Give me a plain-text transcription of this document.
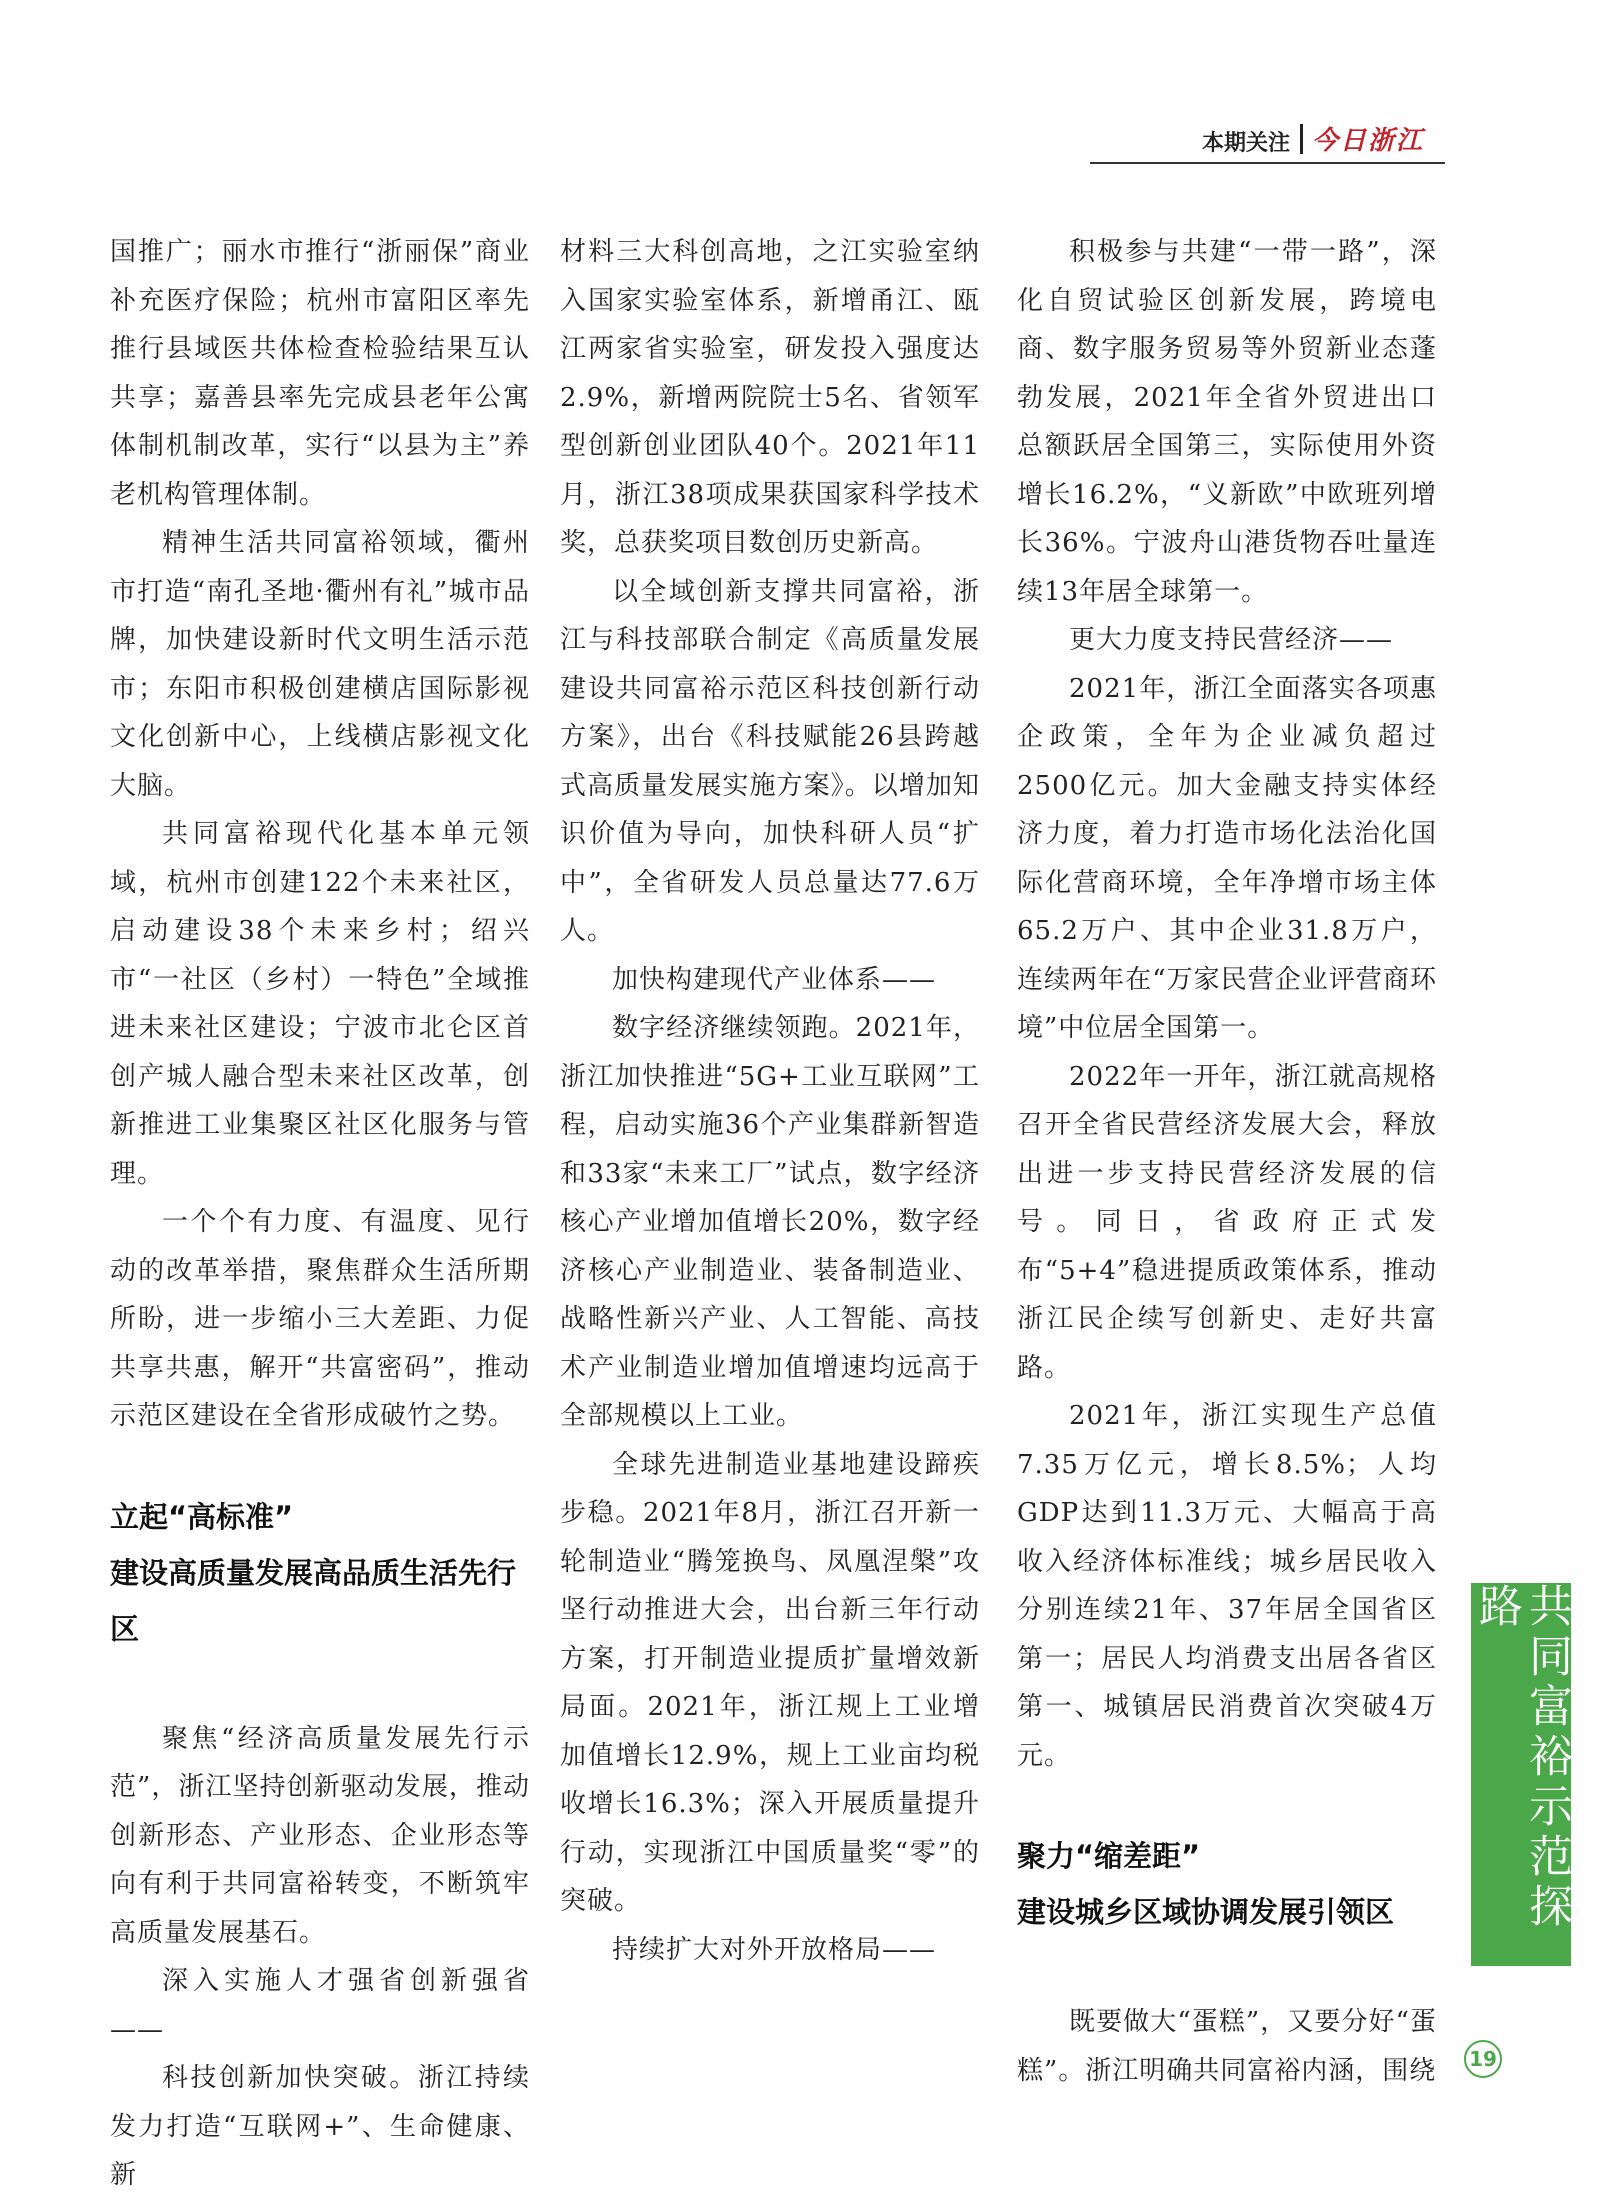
本期关注 今日浙江

国推广；丽水市推行“浙丽保”商业补充医疗保险；杭州市富阳区率先推行县域医共体检查检验结果互认共享；嘉善县率先完成县老年公寓体制机制改革，实行“以县为主”养老机构管理体制。

精神生活共同富裕领域，衢州市打造“南孔圣地·衢州有礼”城市品牌，加快建设新时代文明生活示范市；东阳市积极创建横店国际影视文化创新中心，上线横店影视文化大脑。

共同富裕现代化基本单元领域，杭州市创建122个未来社区，启动建设38个未来乡村；绍兴市“一社区（乡村）一特色”全域推进未来社区建设；宁波市北仑区首创产城人融合型未来社区改革，创新推进工业集聚区社区化服务与管理。

一个个有力度、有温度、见行动的改革举措，聚焦群众生活所期所盼，进一步缩小三大差距、力促共享共惠，解开“共富密码”，推动示范区建设在全省形成破竹之势。

立起“高标准”
建设高质量发展高品质生活先行区

聚焦“经济高质量发展先行示范”，浙江坚持创新驱动发展，推动创新形态、产业形态、企业形态等向有利于共同富裕转变，不断筑牢高质量发展基石。

深入实施人才强省创新强省——

科技创新加快突破。浙江持续发力打造“互联网+”、生命健康、新

材料三大科创高地，之江实验室纳入国家实验室体系，新增甬江、瓯江两家省实验室，研发投入强度达2.9%，新增两院院士5名、省领军型创新创业团队40个。2021年11月，浙江38项成果获国家科学技术奖，总获奖项目数创历史新高。

以全域创新支撑共同富裕，浙江与科技部联合制定《高质量发展建设共同富裕示范区科技创新行动方案》，出台《科技赋能26县跨越式高质量发展实施方案》。以增加知识价值为导向，加快科研人员“扩中”，全省研发人员总量达77.6万人。

加快构建现代产业体系——

数字经济继续领跑。2021年，浙江加快推进“5G+工业互联网”工程，启动实施36个产业集群新智造和33家“未来工厂”试点，数字经济核心产业增加值增长20%，数字经济核心产业制造业、装备制造业、战略性新兴产业、人工智能、高技术产业制造业增加值增速均远高于全部规模以上工业。

全球先进制造业基地建设蹄疾步稳。2021年8月，浙江召开新一轮制造业“腾笼换鸟、凤凰涅槃”攻坚行动推进大会，出台新三年行动方案，打开制造业提质扩量增效新局面。2021年，浙江规上工业增加值增长12.9%，规上工业亩均税收增长16.3%；深入开展质量提升行动，实现浙江中国质量奖“零”的突破。

持续扩大对外开放格局——

积极参与共建“一带一路”，深化自贸试验区创新发展，跨境电商、数字服务贸易等外贸新业态蓬勃发展，2021年全省外贸进出口总额跃居全国第三，实际使用外资增长16.2%，“义新欧”中欧班列增长36%。宁波舟山港货物吞吐量连续13年居全球第一。

更大力度支持民营经济——

2021年，浙江全面落实各项惠企政策，全年为企业减负超过2500亿元。加大金融支持实体经济力度，着力打造市场化法治化国际化营商环境，全年净增市场主体65.2万户、其中企业31.8万户，连续两年在“万家民营企业评营商环境”中位居全国第一。

2022年一开年，浙江就高规格召开全省民营经济发展大会，释放出进一步支持民营经济发展的信号。同日，省政府正式发布“5+4”稳进提质政策体系，推动浙江民企续写创新史、走好共富路。

2021年，浙江实现生产总值7.35万亿元，增长8.5%；人均GDP达到11.3万元、大幅高于高收入经济体标准线；城乡居民收入分别连续21年、37年居全国省区第一；居民人均消费支出居各省区第一、城镇居民消费首次突破4万元。

聚力“缩差距”
建设城乡区域协调发展引领区

既要做大“蛋糕”，又要分好“蛋糕”。浙江明确共同富裕内涵，围绕

共同富裕示范探路
19
